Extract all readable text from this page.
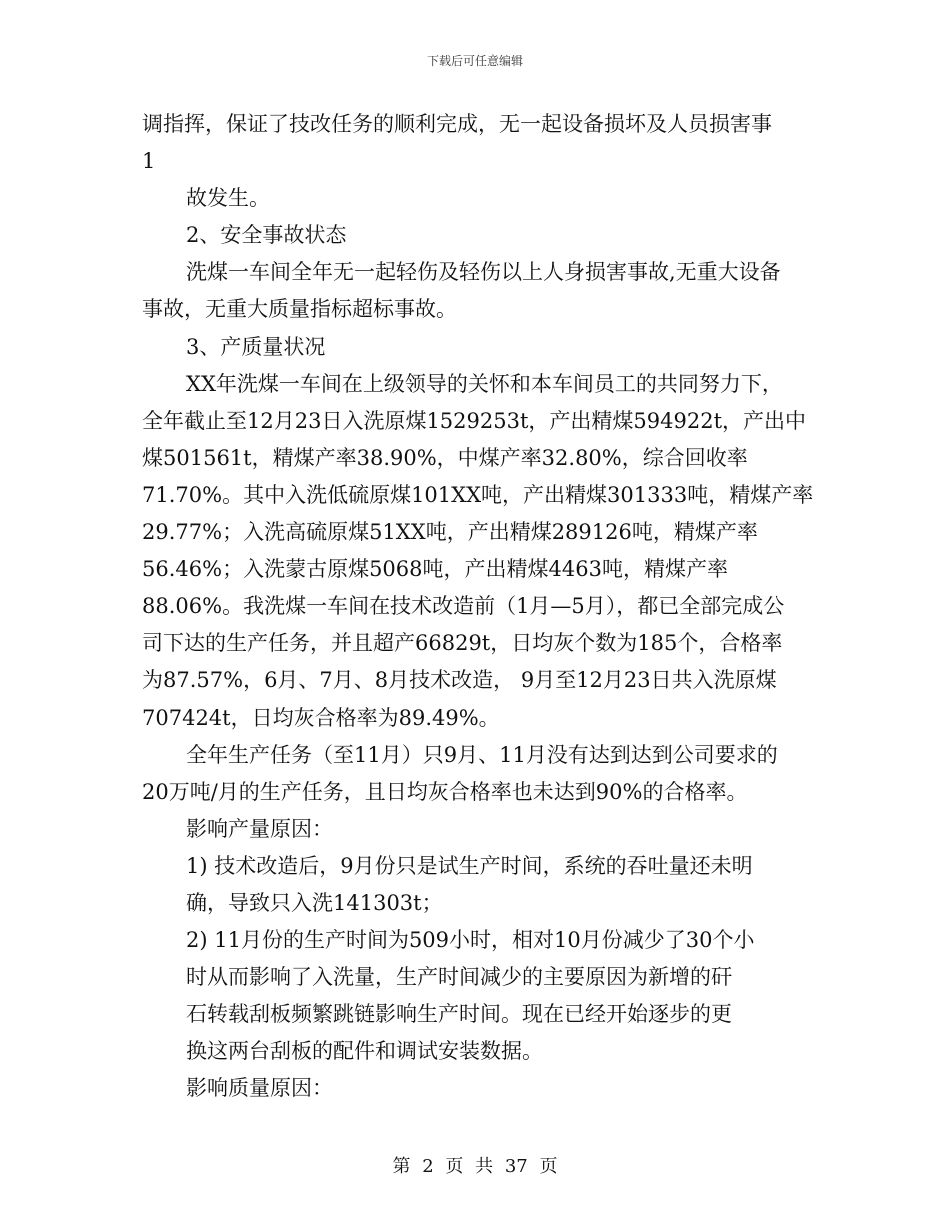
下载后可任意编辑
调指挥，保证了技改任务的顺利完成，无一起设备损坏及人员损害事
1
故发生。
2、安全事故状态
洗煤一车间全年无一起轻伤及轻伤以上人身损害事故,无重大设备
事故，无重大质量指标超标事故。
3、产质量状况
XX年洗煤一车间在上级领导的关怀和本车间员工的共同努力下，
全年截止至12月23日入洗原煤1529253t，产出精煤594922t，产出中
煤501561t，精煤产率38.90%，中煤产率32.80%，综合回收率
71.70%。其中入洗低硫原煤101XX吨，产出精煤301333吨，精煤产率
29.77%；入洗高硫原煤51XX吨，产出精煤289126吨，精煤产率
56.46%；入洗蒙古原煤5068吨，产出精煤4463吨，精煤产率
88.06%。我洗煤一车间在技术改造前（1月—5月），都已全部完成公
司下达的生产任务，并且超产66829t，日均灰个数为185个，合格率
为87.57%，6月、7月、8月技术改造， 9月至12月23日共入洗原煤
707424t，日均灰合格率为89.49%。
全年生产任务（至11月）只9月、11月没有达到达到公司要求的
20万吨/月的生产任务，且日均灰合格率也未达到90%的合格率。
影响产量原因：
1) 技术改造后，9月份只是试生产时间，系统的吞吐量还未明
确，导致只入洗141303t；
2) 11月份的生产时间为509小时，相对10月份减少了30个小
时从而影响了入洗量，生产时间减少的主要原因为新增的矸
石转载刮板频繁跳链影响生产时间。现在已经开始逐步的更
换这两台刮板的配件和调试安装数据。
影响质量原因：
第 2 页 共 37 页
